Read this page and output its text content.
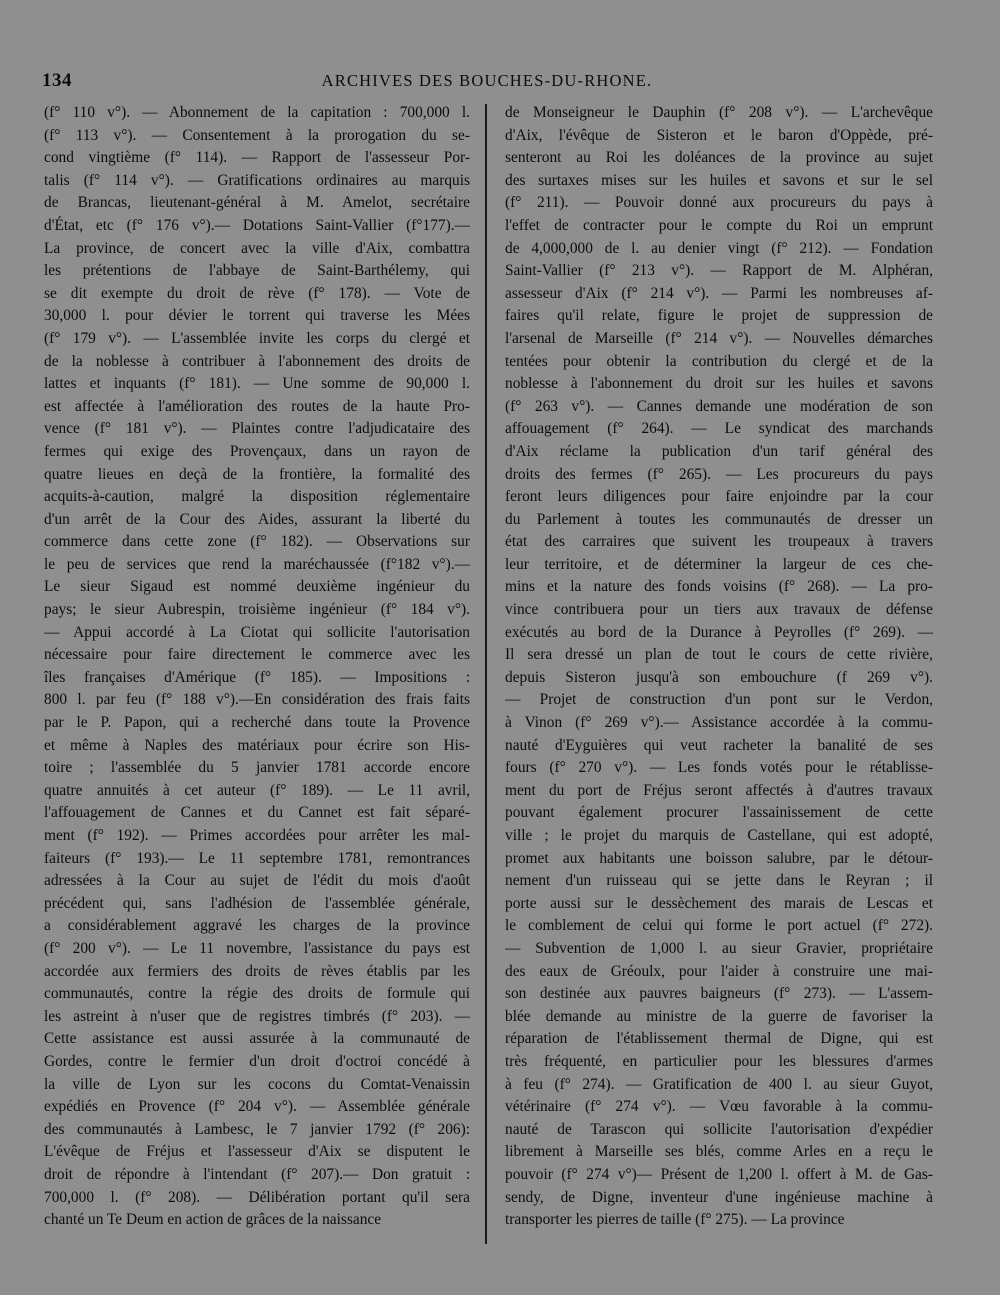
134	ARCHIVES DES BOUCHES-DU-RHONE.
(f° 110 v°). — Abonnement de la capitation : 700,000 l.
(f° 113 v°). — Consentement à la prorogation du se-
cond vingtième (f° 114). — Rapport de l'assesseur Por-
talis (f° 114 v°). — Gratifications ordinaires au marquis
de Brancas, lieutenant-général à M. Amelot, secrétaire
d'État, etc (f° 176 v°).— Dotations Saint-Vallier (f°177).—
La province, de concert avec la ville d'Aix, combattra
les prétentions de l'abbaye de Saint-Barthélemy, qui
se dit exempte du droit de rève (f° 178). — Vote de
30,000 l. pour dévier le torrent qui traverse les Mées
(f° 179 v°). — L'assemblée invite les corps du clergé et
de la noblesse à contribuer à l'abonnement des droits de
lattes et inquants (f° 181). — Une somme de 90,000 l.
est affectée à l'amélioration des routes de la haute Pro-
vence (f° 181 v°). — Plaintes contre l'adjudicataire des
fermes qui exige des Provençaux, dans un rayon de
quatre lieues en deçà de la frontière, la formalité des
acquits-à-caution, malgré la disposition réglementaire
d'un arrêt de la Cour des Aides, assurant la liberté du
commerce dans cette zone (f° 182). — Observations sur
le peu de services que rend la maréchaussée (f°182 v°).—
Le sieur Sigaud est nommé deuxième ingénieur du
pays; le sieur Aubrespin, troisième ingénieur (f° 184 v°).
— Appui accordé à La Ciotat qui sollicite l'autorisation
nécessaire pour faire directement le commerce avec les
îles françaises d'Amérique (f° 185). — Impositions :
800 l. par feu (f° 188 v°).—En considération des frais faits
par le P. Papon, qui a recherché dans toute la Provence
et même à Naples des matériaux pour écrire son His-
toire ; l'assemblée du 5 janvier 1781 accorde encore
quatre annuités à cet auteur (f° 189). — Le 11 avril,
l'affouagement de Cannes et du Cannet est fait séparé-
ment (f° 192). — Primes accordées pour arrêter les mal-
faiteurs (f° 193).— Le 11 septembre 1781, remontrances
adressées à la Cour au sujet de l'édit du mois d'août
précédent qui, sans l'adhésion de l'assemblée générale,
a considérablement aggravé les charges de la province
(f° 200 v°). — Le 11 novembre, l'assistance du pays est
accordée aux fermiers des droits de rèves établis par les
communautés, contre la régie des droits de formule qui
les astreint à n'user que de registres timbrés (f° 203). —
Cette assistance est aussi assurée à la communauté de
Gordes, contre le fermier d'un droit d'octroi concédé à
la ville de Lyon sur les cocons du Comtat-Venaissin
expédiés en Provence (f° 204 v°). — Assemblée générale
des communautés à Lambesc, le 7 janvier 1792 (f° 206):
L'évêque de Fréjus et l'assesseur d'Aix se disputent le
droit de répondre à l'intendant (f° 207).— Don gratuit :
700,000 l. (f° 208). — Délibération portant qu'il sera
chanté un Te Deum en action de grâces de la naissance
de Monseigneur le Dauphin (f° 208 v°). — L'archevêque
d'Aix, l'évêque de Sisteron et le baron d'Oppède, pré-
senteront au Roi les doléances de la province au sujet
des surtaxes mises sur les huiles et savons et sur le sel
(f° 211). — Pouvoir donné aux procureurs du pays à
l'effet de contracter pour le compte du Roi un emprunt
de 4,000,000 de l. au denier vingt (f° 212). — Fondation
Saint-Vallier (f° 213 v°). — Rapport de M. Alphéran,
assesseur d'Aix (f° 214 v°). — Parmi les nombreuses af-
faires qu'il relate, figure le projet de suppression de
l'arsenal de Marseille (f° 214 v°). — Nouvelles démarches
tentées pour obtenir la contribution du clergé et de la
noblesse à l'abonnement du droit sur les huiles et savons
(f° 263 v°). — Cannes demande une modération de son
affouagement (f° 264). — Le syndicat des marchands
d'Aix réclame la publication d'un tarif général des
droits des fermes (f° 265). — Les procureurs du pays
feront leurs diligences pour faire enjoindre par la cour
du Parlement à toutes les communautés de dresser un
état des carraires que suivent les troupeaux à travers
leur territoire, et de déterminer la largeur de ces che-
mins et la nature des fonds voisins (f° 268). — La pro-
vince contribuera pour un tiers aux travaux de défense
exécutés au bord de la Durance à Peyrolles (f° 269). —
Il sera dressé un plan de tout le cours de cette rivière,
depuis Sisteron jusqu'à son embouchure (f 269 v°).
— Projet de construction d'un pont sur le Verdon,
à Vinon (f° 269 v°).— Assistance accordée à la commu-
nauté d'Eyguières qui veut racheter la banalité de ses
fours (f° 270 v°). — Les fonds votés pour le rétablisse-
ment du port de Fréjus seront affectés à d'autres travaux
pouvant également procurer l'assainissement de cette
ville ; le projet du marquis de Castellane, qui est adopté,
promet aux habitants une boisson salubre, par le détour-
nement d'un ruisseau qui se jette dans le Reyran ; il
porte aussi sur le dessèchement des marais de Lescas et
le comblement de celui qui forme le port actuel (f° 272).
— Subvention de 1,000 l. au sieur Gravier, propriétaire
des eaux de Gréoulx, pour l'aider à construire une mai-
son destinée aux pauvres baigneurs (f° 273). — L'assem-
blée demande au ministre de la guerre de favoriser la
réparation de l'établissement thermal de Digne, qui est
très fréquenté, en particulier pour les blessures d'armes
à feu (f° 274). — Gratification de 400 l. au sieur Guyot,
vétérinaire (f° 274 v°). — Vœu favorable à la commu-
nauté de Tarascon qui sollicite l'autorisation d'expédier
librement à Marseille ses blés, comme Arles en a reçu le
pouvoir (f° 274 v°)— Présent de 1,200 l. offert à M. de Gas-
sendy, de Digne, inventeur d'une ingénieuse machine à
transporter les pierres de taille (f° 275). — La province
